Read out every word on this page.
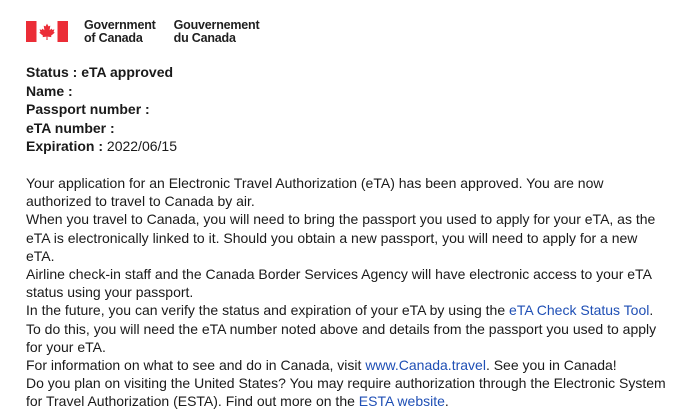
Government
of Canada
Gouvernement
du Canada
Status : eTA approved
Name :
Passport number :
eTA number :
Expiration : 2022/06/15

Your application for an Electronic Travel Authorization (eTA) has been approved. You are now authorized to travel to Canada by air.

When you travel to Canada, you will need to bring the passport you used to apply for your eTA, as the eTA is electronically linked to it. Should you obtain a new passport, you will need to apply for a new eTA.

Airline check-in staff and the Canada Border Services Agency will have electronic access to your eTA status using your passport.

In the future, you can verify the status and expiration of your eTA by using the eTA Check Status Tool. To do this, you will need the eTA number noted above and details from the passport you used to apply for your eTA.

For information on what to see and do in Canada, visit www.Canada.travel. See you in Canada!

Do you plan on visiting the United States? You may require authorization through the Electronic System for Travel Authorization (ESTA). Find out more on the ESTA website.
